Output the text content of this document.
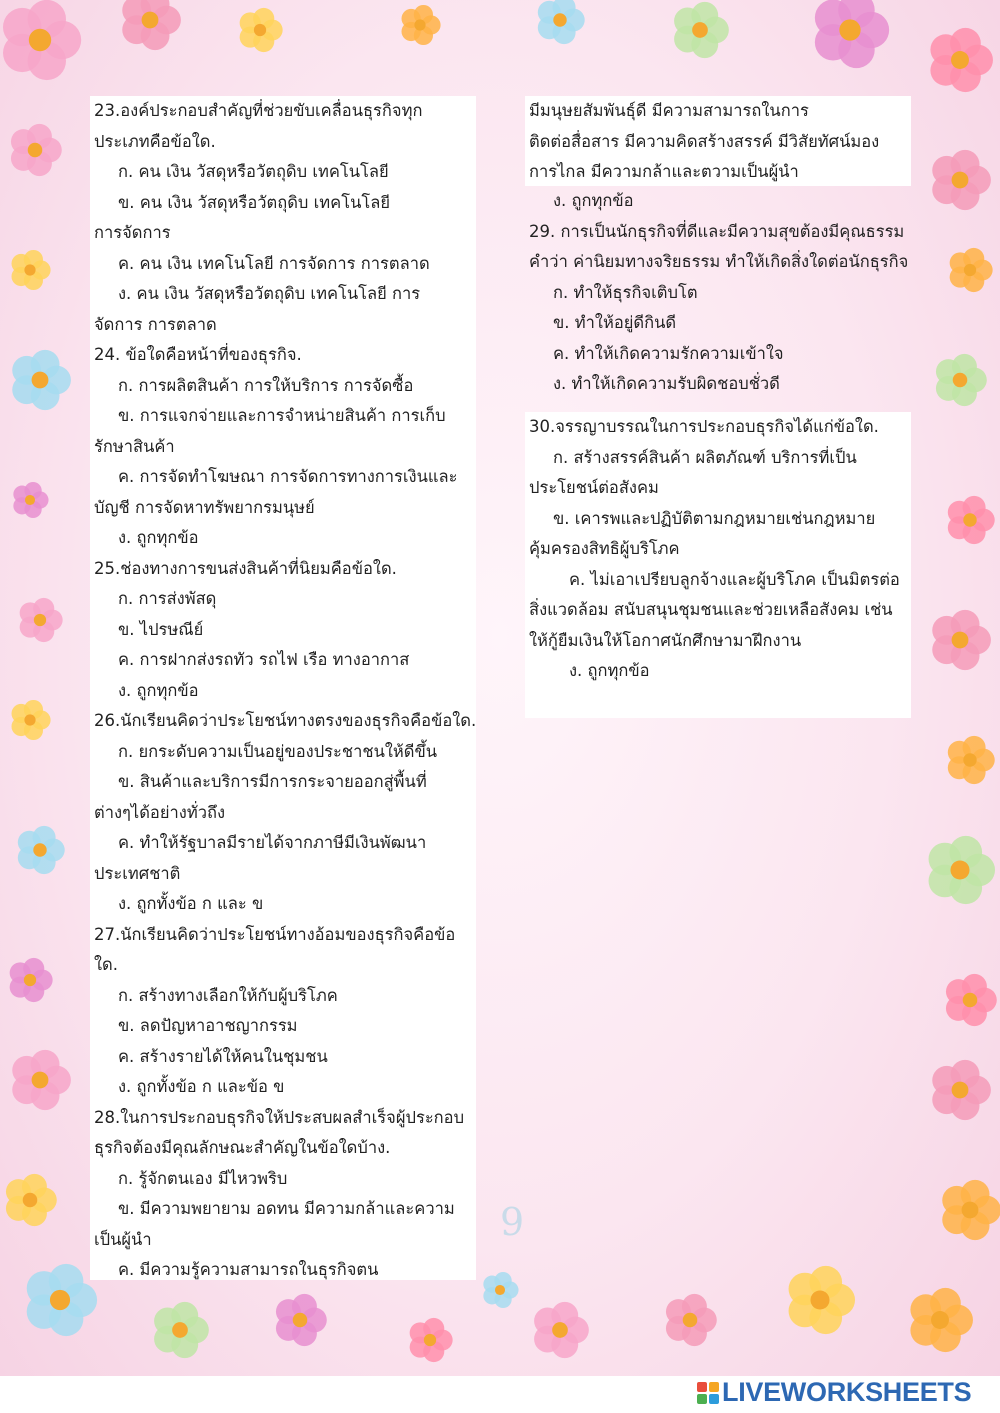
23.องค์ประกอบสำคัญที่ช่วยขับเคลื่อนธุรกิจทุก

ประเภทคือข้อใด.

ก. คน เงิน วัสดุหรือวัตถุดิบ เทคโนโลยี

ข. คน เงิน วัสดุหรือวัตถุดิบ เทคโนโลยี

การจัดการ

ค. คน เงิน เทคโนโลยี การจัดการ การตลาด

ง. คน เงิน วัสดุหรือวัตถุดิบ เทคโนโลยี การ

จัดการ การตลาด

24. ข้อใดคือหน้าที่ของธุรกิจ.

ก. การผลิตสินค้า การให้บริการ การจัดซื้อ

ข. การแจกจ่ายและการจำหน่ายสินค้า การเก็บ

รักษาสินค้า

ค. การจัดทำโฆษณา การจัดการทางการเงินและ

บัญชี การจัดหาทรัพยากรมนุษย์

ง. ถูกทุกข้อ

25.ช่องทางการขนส่งสินค้าที่นิยมคือข้อใด.

ก. การส่งพัสดุ

ข. ไปรษณีย์

ค. การฝากส่งรถทัว รถไฟ เรือ ทางอากาส

ง. ถูกทุกข้อ

26.นักเรียนคิดว่าประโยชน์ทางตรงของธุรกิจคือข้อใด.

ก. ยกระดับความเป็นอยู่ของประชาชนให้ดีขึ้น

ข. สินค้าและบริการมีการกระจายออกสู่พื้นที่

ต่างๆได้อย่างทั่วถึง

ค. ทำให้รัฐบาลมีรายได้จากภาษีมีเงินพัฒนา

ประเทศชาติ

ง. ถูกทั้งข้อ ก และ ข

27.นักเรียนคิดว่าประโยชน์ทางอ้อมของธุรกิจคือข้อ

ใด.

ก. สร้างทางเลือกให้กับผู้บริโภค

ข. ลดปัญหาอาชญากรรม

ค. สร้างรายได้ให้คนในชุมชน

ง. ถูกทั้งข้อ ก และข้อ ข

28.ในการประกอบธุรกิจให้ประสบผลสำเร็จผู้ประกอบ

ธุรกิจต้องมีคุณลักษณะสำคัญในข้อใดบ้าง.

ก. รู้จักตนเอง มีไหวพริบ

ข. มีความพยายาม อดทน มีความกล้าและความ

เป็นผู้นำ

ค. มีความรู้ความสามารถในธุรกิจตน

มีมนุษยสัมพันธุ์ดี มีความสามารถในการ

ติดต่อสื่อสาร มีความคิดสร้างสรรค์ มีวิสัยทัศน์มอง

การไกล มีความกล้าและตวามเป็นผู้นำ

ง. ถูกทุกข้อ

29. การเป็นนักธุรกิจที่ดีและมีความสุขต้องมีคุณธรรม

คำว่า ค่านิยมทางจริยธรรม ทำให้เกิดสิ่งใดต่อนักธุรกิจ

ก. ทำให้ธุรกิจเติบโต

ข. ทำให้อยู่ดีกินดี

ค. ทำให้เกิดความรักความเข้าใจ

ง. ทำให้เกิดความรับผิดชอบชั่วดี

30.จรรญาบรรณในการประกอบธุรกิจได้แก่ข้อใด.

ก. สร้างสรรค์สินค้า ผลิตภัณฑ์ บริการที่เป็น

ประโยชน์ต่อสังคม

ข. เคารพและปฏิบัติตามกฎหมายเช่นกฎหมาย

คุ้มครองสิทธิผู้บริโภค

ค. ไม่เอาเปรียบลูกจ้างและผู้บริโภค เป็นมิตรต่อ

สิ่งแวดล้อม สนับสนุนชุมชนและช่วยเหลือสังคม เช่น

ให้กู้ยืมเงินให้โอกาศนักศึกษามาฝึกงาน

ง. ถูกทุกข้อ

9
LIVEWORKSHEETS
